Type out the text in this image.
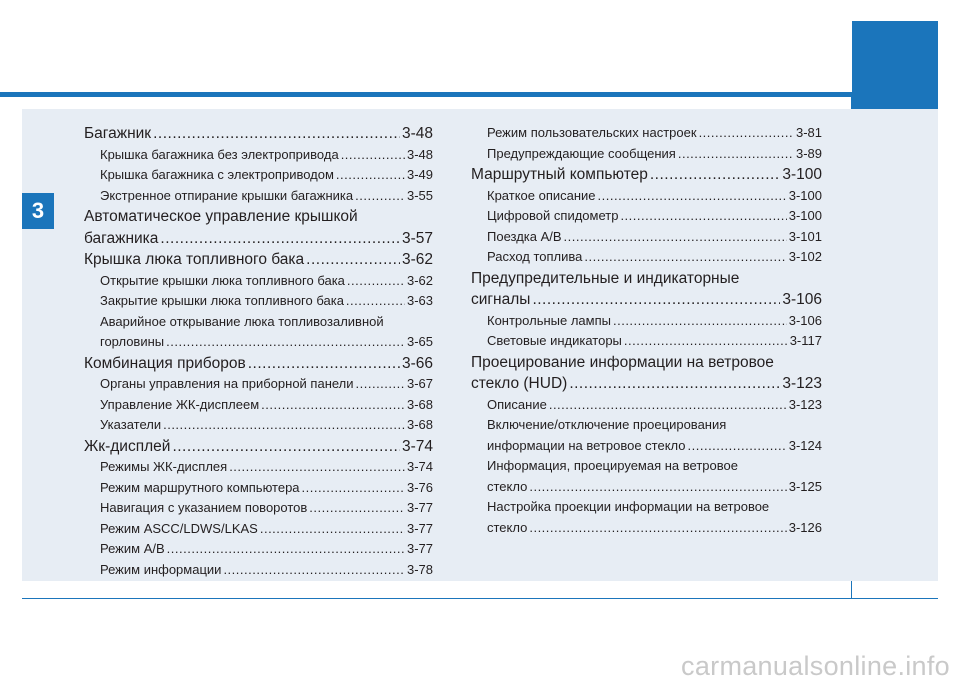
3
Багажник .....	3-48
Крышка багажника без электропривода .....	3-48
Крышка багажника с электроприводом .....	3-49
Экстренное отпирание крышки багажника .....	3-55
Автоматическое управление крышкой
багажника .....	3-57
Крышка люка топливного бака .....	3-62
Открытие крышки люка топливного бака .....	3-62
Закрытие крышки люка топливного бака .....	3-63
Аварийное открывание люка топливозаливной
горловины .....	3-65
Комбинация приборов .....	3-66
Органы управления на приборной панели .....	3-67
Управление ЖК-дисплеем .....	3-68
Указатели .....	3-68
Жк-дисплей .....	3-74
Режимы ЖК-дисплея .....	3-74
Режим маршрутного компьютера .....	3-76
Навигация с указанием поворотов .....	3-77
Режим ASCC/LDWS/LKAS .....	3-77
Режим A/B .....	3-77
Режим информации .....	3-78
Режим пользовательских настроек .....	3-81
Предупреждающие сообщения .....	3-89
Маршрутный компьютер .....	3-100
Краткое описание .....	3-100
Цифровой спидометр .....	3-100
Поездка A/B .....	3-101
Расход топлива .....	3-102
Предупредительные и индикаторные
сигналы .....	3-106
Контрольные лампы .....	3-106
Световые индикаторы .....	3-117
Проецирование информации на ветровое
стекло (HUD) .....	3-123
Описание .....	3-123
Включение/отключение проецирования
информации на ветровое стекло .....	3-124
Информация, проецируемая на ветровое
стекло .....	3-125
Настройка проекции информации на ветровое
стекло .....	3-126
carmanualsonline.info
